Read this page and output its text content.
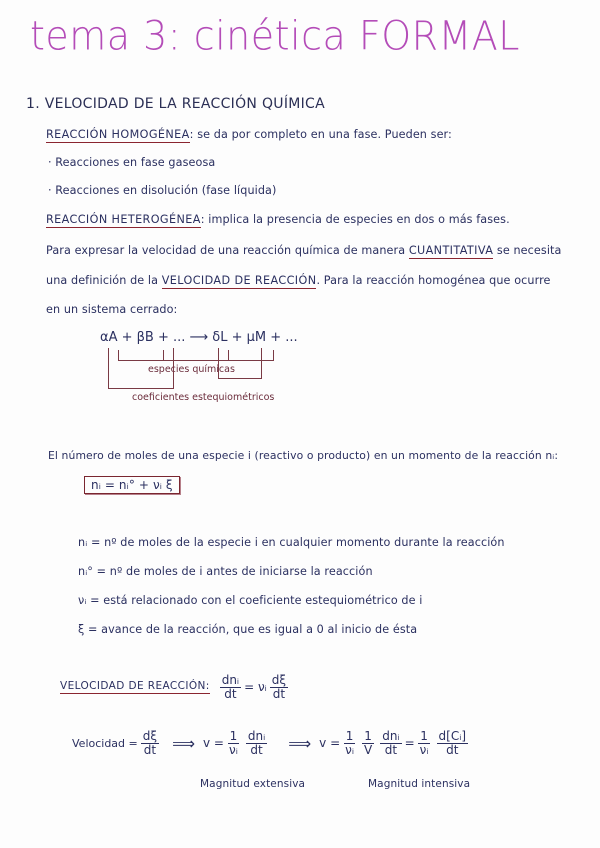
tema 3: cinética FORMAL
1. VELOCIDAD DE LA REACCIÓN QUÍMICA
REACCIÓN HOMOGÉNEA: se da por completo en una fase. Pueden ser:
· Reacciones en fase gaseosa
· Reacciones en disolución (fase líquida)
REACCIÓN HETEROGÉNEA: implica la presencia de especies en dos o más fases.
Para expresar la velocidad de una reacción química de manera CUANTITATIVA se necesita
una definición de la VELOCIDAD DE REACCIÓN. Para la reacción homogénea que ocurre
en un sistema cerrado:
αA + βB + ... ⟶ δL + μM + ...
especies químicas
coeficientes estequiométricos
El número de moles de una especie i (reactivo o producto) en un momento de la reacción nᵢ:
nᵢ = nᵢ° + νᵢ ξ
nᵢ = nº de moles de la especie i en cualquier momento durante la reacción
nᵢ° = nº de moles de i antes de iniciarse la reacción
νᵢ = está relacionado con el coeficiente estequiométrico de i
ξ = avance de la reacción, que es igual a 0 al inicio de ésta
VELOCIDAD DE REACCIÓN: $\frac{\text{dnᵢ}}{dt}$ = νᵢ $\frac{d\xi}{dt}$
Velocidad = $\frac{d\xi}{dt}$ ⟹ $v = \frac{1}{\text{νᵢ}} \frac{\text{dnᵢ}}{dt}$ ⟹ $v = \frac{1}{\text{νᵢ}} \frac{1}{V} \frac{\text{dnᵢ}}{dt} = \frac{1}{\text{νᵢ}} \frac{\text{d[Cᵢ]}}{dt}$
Magnitud extensiva	Magnitud intensiva
